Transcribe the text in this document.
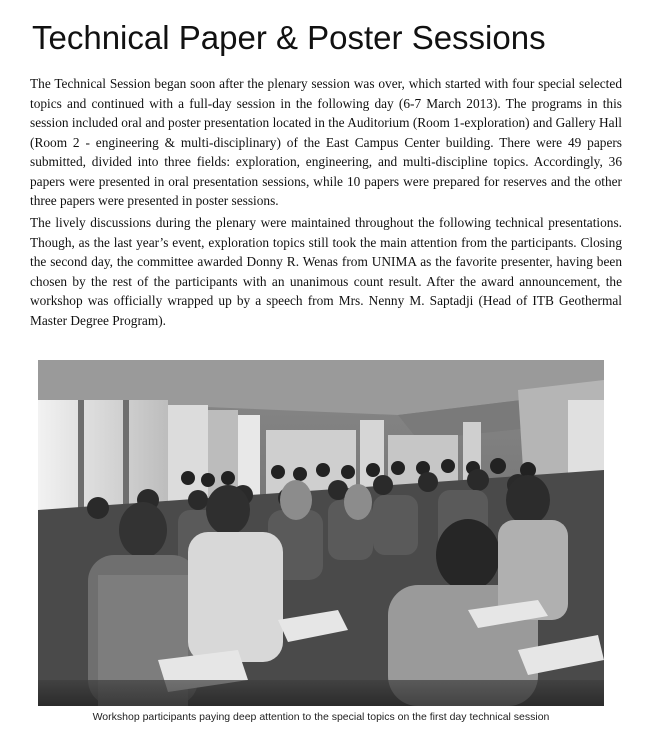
Technical Paper & Poster Sessions

The Technical Session began soon after the plenary session was over, which started with four special selected topics and continued with a full-day session in the following day (6-7 March 2013). The programs in this session included oral and poster presentation located in the Auditorium (Room 1-exploration) and Gallery Hall (Room 2 - engineering & multi-disciplinary) of the East Campus Center building. There were 49 papers submitted, divided into three fields: exploration, engineering, and multi-discipline topics. Accordingly, 36 papers were presented in oral presentation sessions, while 10 papers were prepared for reserves and the other three papers were presented in poster sessions.

The lively discussions during the plenary were maintained throughout the following technical presentations. Though, as the last year’s event, exploration topics still took the main attention from the participants. Closing the second day, the committee awarded Donny R. Wenas from UNIMA as the favorite presenter, having been chosen by the rest of the participants with an unanimous count result. After the award announcement, the workshop was officially wrapped up by a speech from Mrs. Nenny M. Saptadji (Head of ITB Geothermal Master Degree Program).

Workshop participants paying deep attention to the special topics on the first day technical session
